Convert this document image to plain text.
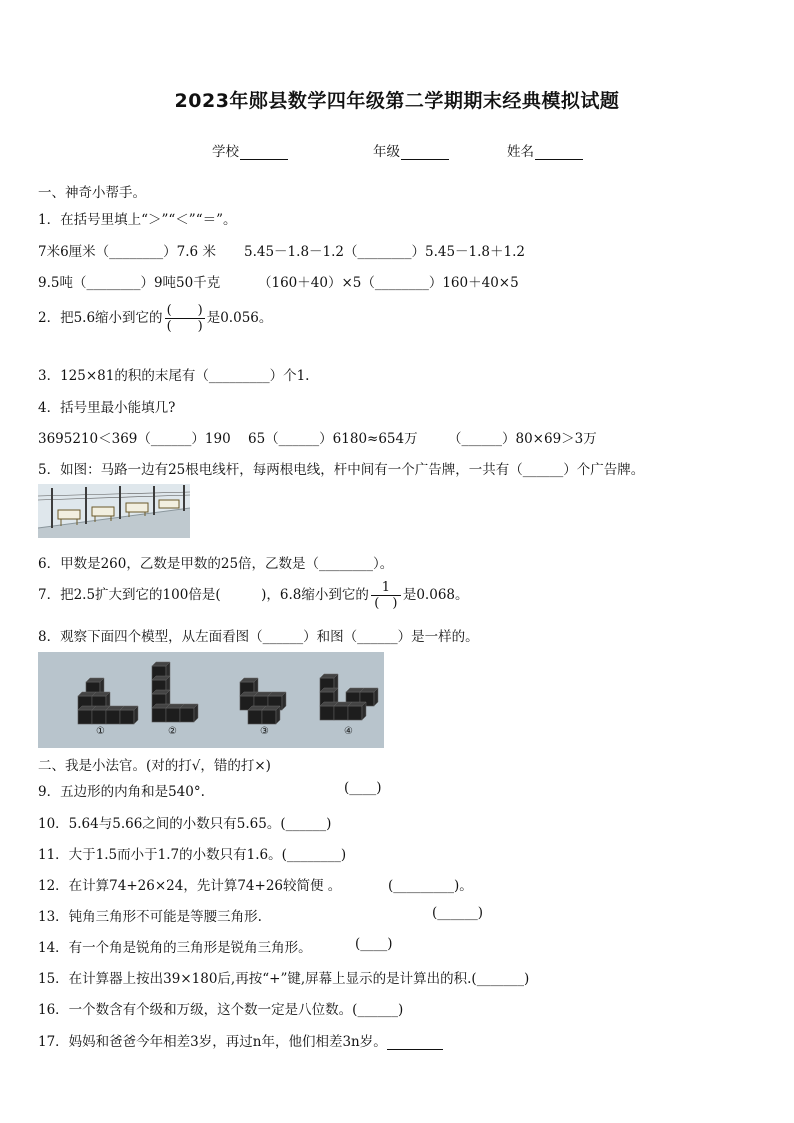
2023年郧县数学四年级第二学期期末经典模拟试题
学校	年级	姓名
一、神奇小帮手。
1．在括号里填上“＞”“＜”“＝”。
7米6厘米（________）7.6 米 5.45－1.8－1.2（________）5.45－1.8＋1.2
9.5吨（________）9吨50千克	（160＋40）×5（________）160＋40×5
2．把5.6缩小到它的 $\frac{( )}{( )}$ 是0.056。
3．125×81的积的末尾有（_________）个1.
4．括号里最小能填几?
3695210＜369（______）190 65（______）6180≈654万 （______）80×69＞3万
5．如图：马路一边有25根电线杆，每两根电线，杆中间有一个广告牌，一共有（______）个广告牌。
6．甲数是260，乙数是甲数的25倍，乙数是（________）。
7．把2.5扩大到它的100倍是(　　　)，6.8缩小到它的 $\frac{1}{( )}$ 是0.068。
8．观察下面四个模型，从左面看图（______）和图（______）是一样的。
①	②	③	④
二、我是小法官。(对的打√，错的打×)
9．五边形的内角和是540°.	(____)
10．5.64与5.66之间的小数只有5.65。(______)
11．大于1.5而小于1.7的小数只有1.6。(________)
12．在计算74+26×24，先计算74+26较简便 。	(_________)。
13．钝角三角形不可能是等腰三角形.	(______)
14．有一个角是锐角的三角形是锐角三角形。	(____)
15．在计算器上按出39×180后,再按“+”键,屏幕上显示的是计算出的积.(_______)
16．一个数含有个级和万级，这个数一定是八位数。(______)
17．妈妈和爸爸今年相差3岁，再过n年，他们相差3n岁。
